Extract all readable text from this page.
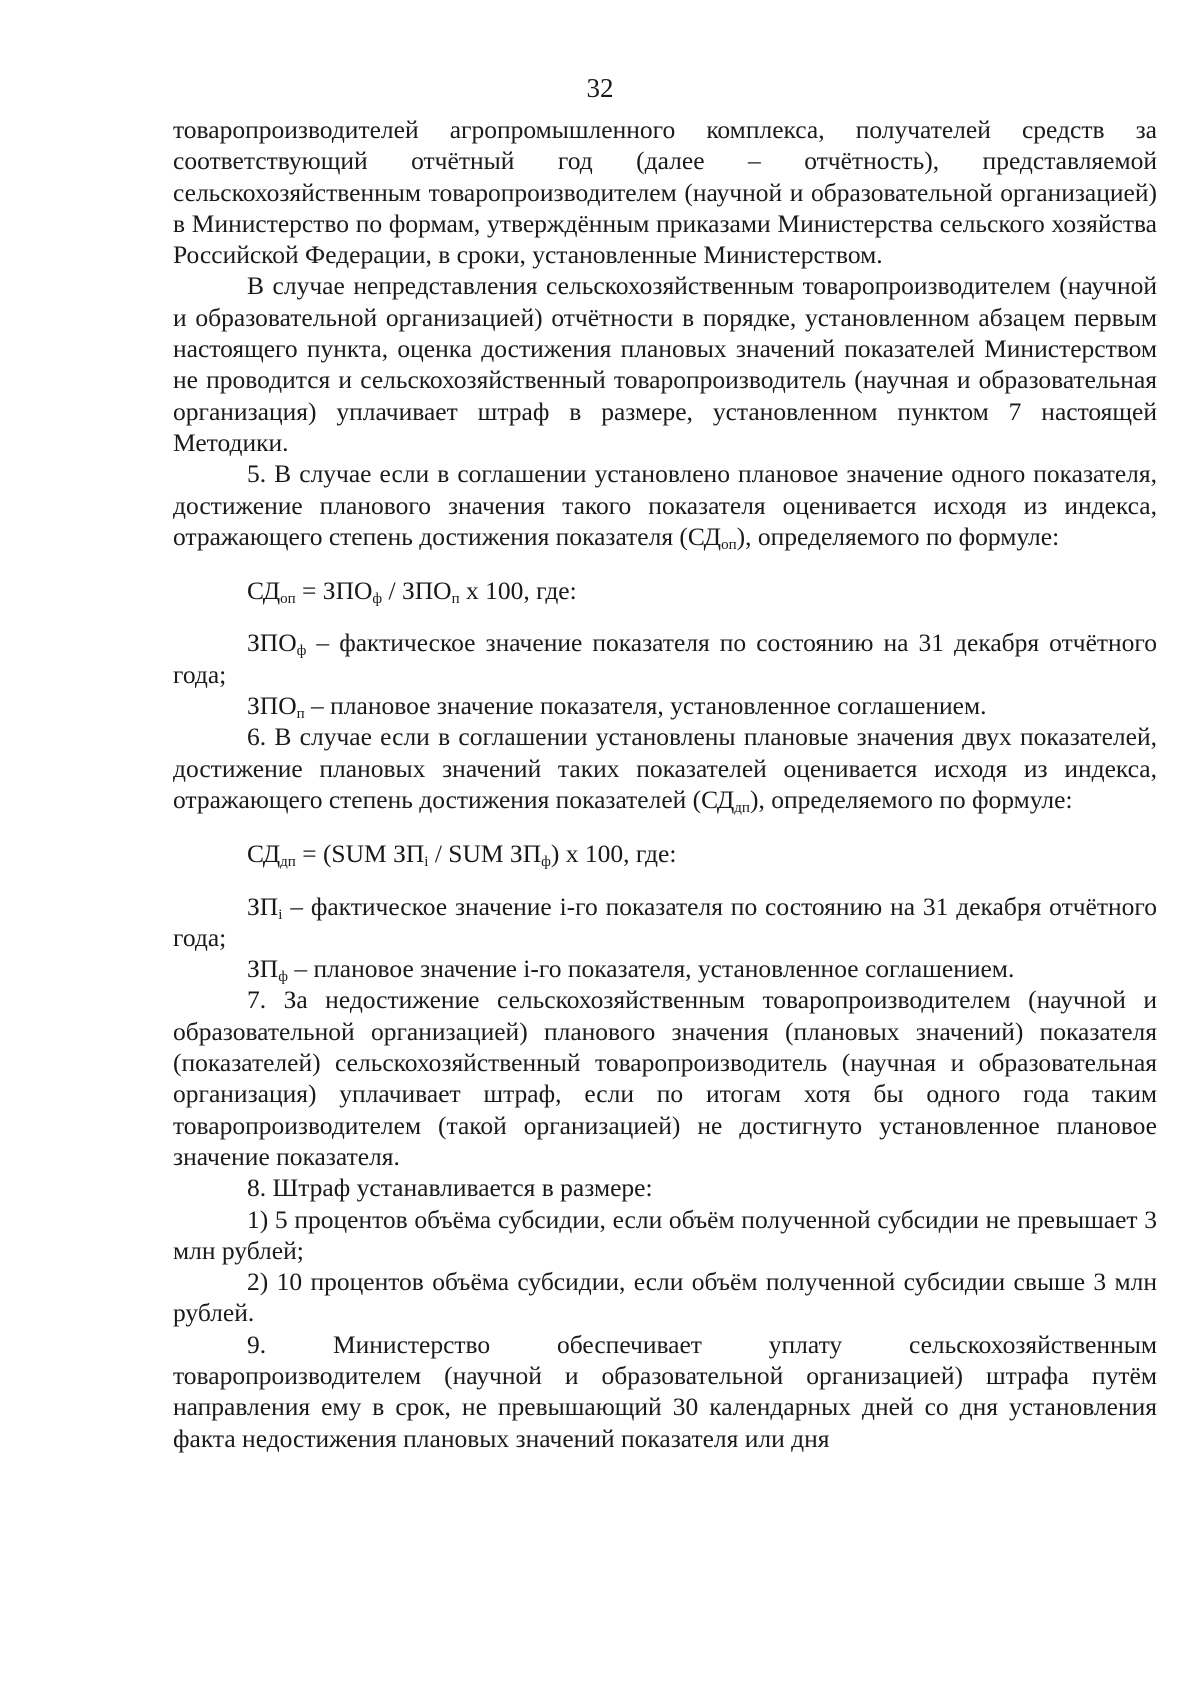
32

товаропроизводителей агропромышленного комплекса, получателей средств за соответствующий отчётный год (далее – отчётность), представляемой сельскохозяйственным товаропроизводителем (научной и образовательной организацией) в Министерство по формам, утверждённым приказами Министерства сельского хозяйства Российской Федерации, в сроки, установленные Министерством.

В случае непредставления сельскохозяйственным товаропроизводителем (научной и образовательной организацией) отчётности в порядке, установленном абзацем первым настоящего пункта, оценка достижения плановых значений показателей Министерством не проводится и сельскохозяйственный товаропроизводитель (научная и образовательная организация) уплачивает штраф в размере, установленном пунктом 7 настоящей Методики.

5. В случае если в соглашении установлено плановое значение одного показателя, достижение планового значения такого показателя оценивается исходя из индекса, отражающего степень достижения показателя $(СД_{оп})$, определяемого по формуле:

$СД_{оп} = ЗПО_ф / ЗПО_п$ x 100, где:

$ЗПО_ф$ – фактическое значение показателя по состоянию на 31 декабря отчётного года;

$ЗПО_п$ – плановое значение показателя, установленное соглашением.

6. В случае если в соглашении установлены плановые значения двух показателей, достижение плановых значений таких показателей оценивается исходя из индекса, отражающего степень достижения показателей $(СД_{дп})$, определяемого по формуле:

$СД_{дп} = (SUM$ $ЗП_i$ / SUM $ЗП_ф$) x 100, где:

$ЗП_i$ – фактическое значение i-го показателя по состоянию на 31 декабря отчётного года;

$ЗП_ф$ – плановое значение i-го показателя, установленное соглашением.

7. За недостижение сельскохозяйственным товаропроизводителем (научной и образовательной организацией) планового значения (плановых значений) показателя (показателей) сельскохозяйственный товаропроизводитель (научная и образовательная организация) уплачивает штраф, если по итогам хотя бы одного года таким товаропроизводителем (такой организацией) не достигнуто установленное плановое значение показателя.

8. Штраф устанавливается в размере:

1) 5 процентов объёма субсидии, если объём полученной субсидии не превышает 3 млн рублей;

2) 10 процентов объёма субсидии, если объём полученной субсидии свыше 3 млн рублей.

9. Министерство обеспечивает уплату сельскохозяйственным товаропроизводителем (научной и образовательной организацией) штрафа путём направления ему в срок, не превышающий 30 календарных дней со дня установления факта недостижения плановых значений показателя или дня
